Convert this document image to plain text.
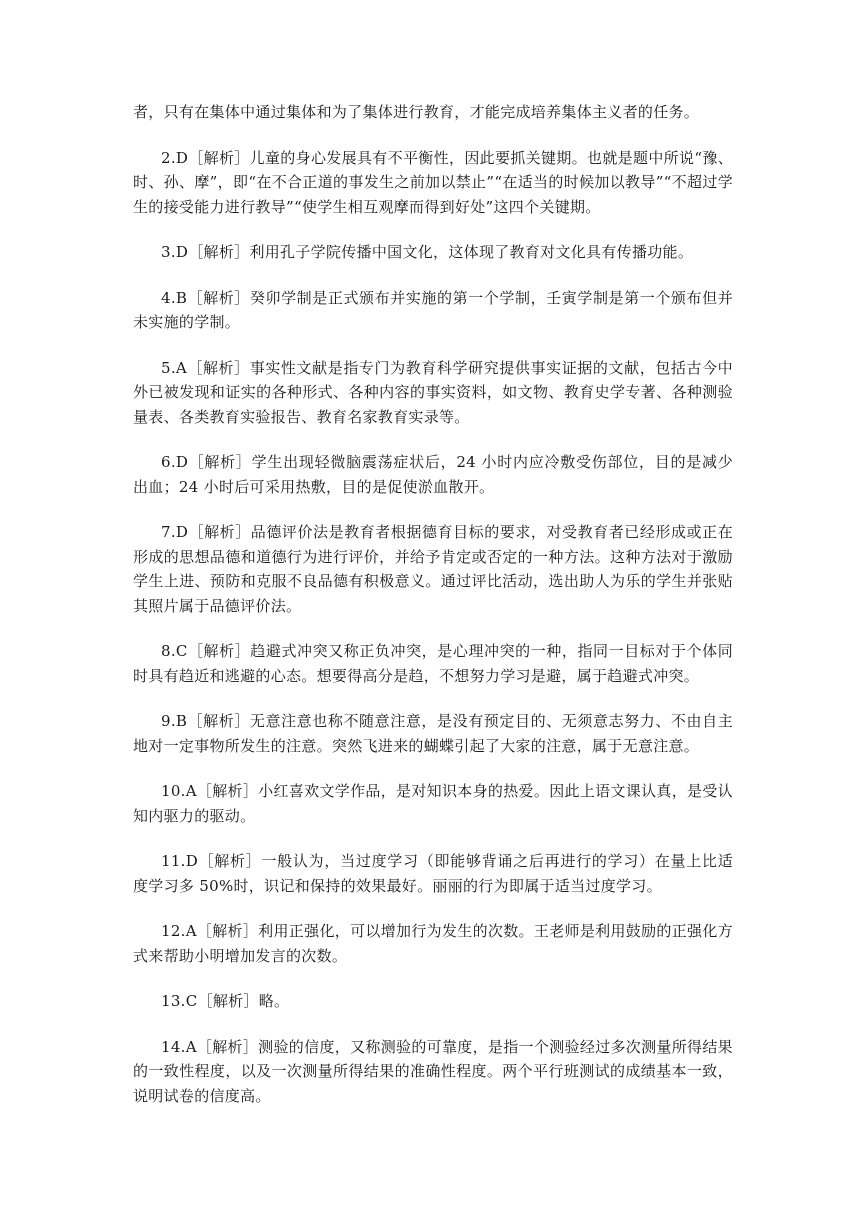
者，只有在集体中通过集体和为了集体进行教育，才能完成培养集体主义者的任务。

2.D［解析］儿童的身心发展具有不平衡性，因此要抓关键期。也就是题中所说“豫、时、孙、摩”，即“在不合正道的事发生之前加以禁止”“在适当的时候加以教导”“不超过学生的接受能力进行教导”“使学生相互观摩而得到好处”这四个关键期。

3.D［解析］利用孔子学院传播中国文化，这体现了教育对文化具有传播功能。

4.B［解析］癸卯学制是正式颁布并实施的第一个学制，壬寅学制是第一个颁布但并未实施的学制。

5.A［解析］事实性文献是指专门为教育科学研究提供事实证据的文献，包括古今中外已被发现和证实的各种形式、各种内容的事实资料，如文物、教育史学专著、各种测验量表、各类教育实验报告、教育名家教育实录等。

6.D［解析］学生出现轻微脑震荡症状后，24 小时内应冷敷受伤部位，目的是减少出血；24 小时后可采用热敷，目的是促使淤血散开。

7.D［解析］品德评价法是教育者根据德育目标的要求，对受教育者已经形成或正在形成的思想品德和道德行为进行评价，并给予肯定或否定的一种方法。这种方法对于激励学生上进、预防和克服不良品德有积极意义。通过评比活动，选出助人为乐的学生并张贴其照片属于品德评价法。

8.C［解析］趋避式冲突又称正负冲突，是心理冲突的一种，指同一目标对于个体同时具有趋近和逃避的心态。想要得高分是趋，不想努力学习是避，属于趋避式冲突。

9.B［解析］无意注意也称不随意注意，是没有预定目的、无须意志努力、不由自主地对一定事物所发生的注意。突然飞进来的蝴蝶引起了大家的注意，属于无意注意。

10.A［解析］小红喜欢文学作品，是对知识本身的热爱。因此上语文课认真，是受认知内驱力的驱动。

11.D［解析］一般认为，当过度学习（即能够背诵之后再进行的学习）在量上比适度学习多 50%时，识记和保持的效果最好。丽丽的行为即属于适当过度学习。

12.A［解析］利用正强化，可以增加行为发生的次数。王老师是利用鼓励的正强化方式来帮助小明增加发言的次数。

13.C［解析］略。

14.A［解析］测验的信度，又称测验的可靠度，是指一个测验经过多次测量所得结果的一致性程度，以及一次测量所得结果的准确性程度。两个平行班测试的成绩基本一致，说明试卷的信度高。
